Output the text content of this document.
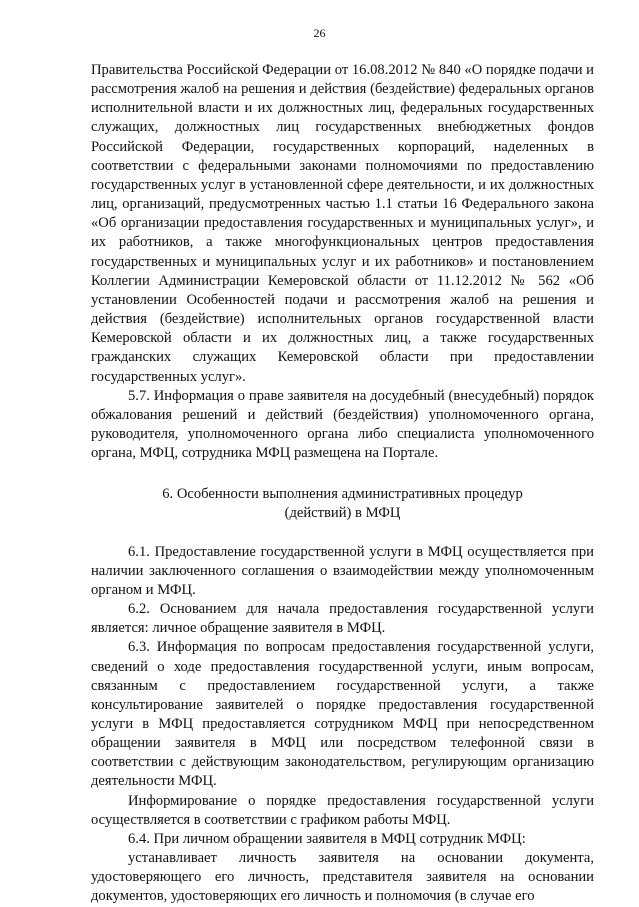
26

Правительства Российской Федерации от 16.08.2012 № 840 «О порядке подачи и рассмотрения жалоб на решения и действия (бездействие) федеральных органов исполнительной власти и их должностных лиц, федеральных государственных служащих, должностных лиц государственных внебюджетных фондов Российской Федерации, государственных корпораций, наделенных в соответствии с федеральными законами полномочиями по предоставлению государственных услуг в установленной сфере деятельности, и их должностных лиц, организаций, предусмотренных частью 1.1 статьи 16 Федерального закона «Об организации предоставления государственных и муниципальных услуг», и их работников, а также многофункциональных центров предоставления государственных и муниципальных услуг и их работников» и постановлением Коллегии Администрации Кемеровской области от 11.12.2012 № 562 «Об установлении Особенностей подачи и рассмотрения жалоб на решения и действия (бездействие) исполнительных органов государственной власти Кемеровской области и их должностных лиц, а также государственных гражданских служащих Кемеровской области при предоставлении государственных услуг».

5.7. Информация о праве заявителя на досудебный (внесудебный) порядок обжалования решений и действий (бездействия) уполномоченного органа, руководителя, уполномоченного органа либо специалиста уполномоченного органа, МФЦ, сотрудника МФЦ размещена на Портале.

6. Особенности выполнения административных процедур

(действий) в МФЦ

6.1. Предоставление государственной услуги в МФЦ осуществляется при наличии заключенного соглашения о взаимодействии между уполномоченным органом и МФЦ.

6.2. Основанием для начала предоставления государственной услуги является: личное обращение заявителя в МФЦ.

6.3. Информация по вопросам предоставления государственной услуги, сведений о ходе предоставления государственной услуги, иным вопросам, связанным с предоставлением государственной услуги, а также консультирование заявителей о порядке предоставления государственной услуги в МФЦ предоставляется сотрудником МФЦ при непосредственном обращении заявителя в МФЦ или посредством телефонной связи в соответствии с действующим законодательством, регулирующим организацию деятельности МФЦ.

Информирование о порядке предоставления государственной услуги осуществляется в соответствии с графиком работы МФЦ.

6.4. При личном обращении заявителя в МФЦ сотрудник МФЦ:

устанавливает личность заявителя на основании документа, удостоверяющего его личность, представителя заявителя на основании документов, удостоверяющих его личность и полномочия (в случае его
